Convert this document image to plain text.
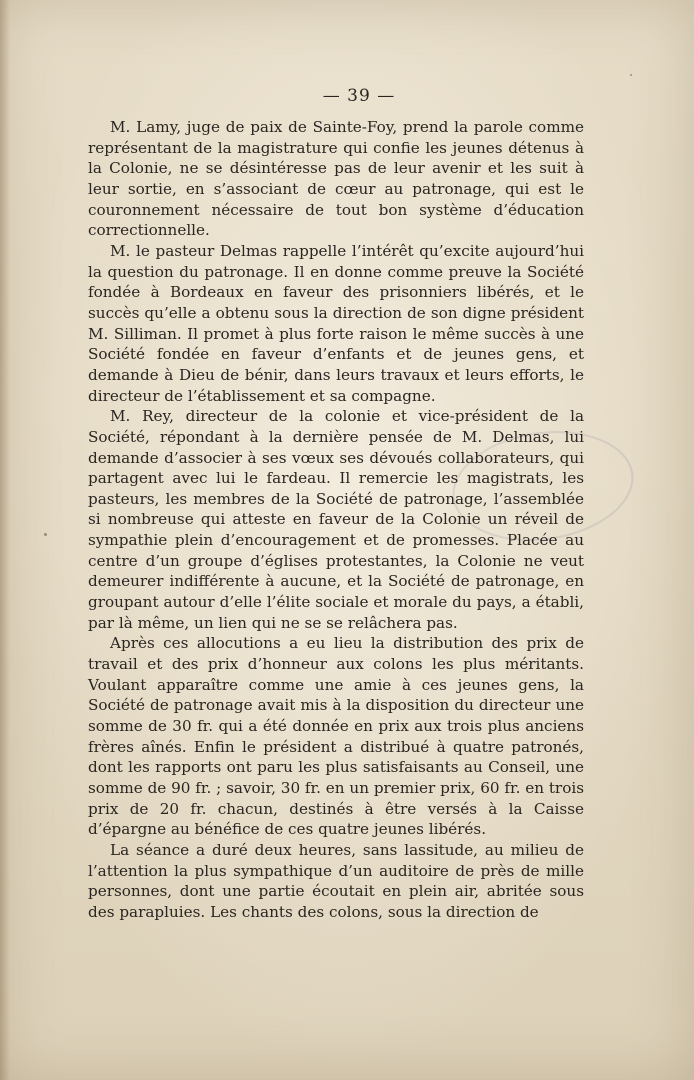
— 39 —

M. Lamy, juge de paix de Sainte-Foy, prend la parole comme représentant de la magistrature qui confie les jeunes détenus à la Colonie, ne se désintéresse pas de leur avenir et les suit à leur sortie, en s’associant de cœur au patronage, qui est le couronnement nécessaire de tout bon système d’éducation correctionnelle.

M. le pasteur Delmas rappelle l’intérêt qu’excite aujourd’hui la question du patronage. Il en donne comme preuve la Société fondée à Bordeaux en faveur des prisonniers libérés, et le succès qu’elle a obtenu sous la direction de son digne président M. Silliman. Il promet à plus forte raison le même succès à une Société fondée en faveur d’enfants et de jeunes gens, et demande à Dieu de bénir, dans leurs travaux et leurs efforts, le directeur de l’établissement et sa compagne.

M. Rey, directeur de la colonie et vice-président de la Société, répondant à la dernière pensée de M. Delmas, lui demande d’associer à ses vœux ses dévoués collaborateurs, qui partagent avec lui le fardeau. Il remercie les magistrats, les pasteurs, les membres de la Société de patronage, l’assemblée si nombreuse qui atteste en faveur de la Colonie un réveil de sympathie plein d’encouragement et de promesses. Placée au centre d’un groupe d’églises protestantes, la Colonie ne veut demeurer indifférente à aucune, et la Société de patronage, en groupant autour d’elle l’élite sociale et morale du pays, a établi, par là même, un lien qui ne se se relâchera pas.

Après ces allocutions a eu lieu la distribution des prix de travail et des prix d’honneur aux colons les plus méritants. Voulant apparaître comme une amie à ces jeunes gens, la Société de patronage avait mis à la disposition du directeur une somme de 30 fr. qui a été donnée en prix aux trois plus anciens frères aînés. Enfin le président a distribué à quatre patronés, dont les rapports ont paru les plus satisfaisants au Conseil, une somme de 90 fr. ; savoir, 30 fr. en un premier prix, 60 fr. en trois prix de 20 fr. chacun, destinés à être versés à la Caisse d’épargne au bénéfice de ces quatre jeunes libérés.

La séance a duré deux heures, sans lassitude, au milieu de l’attention la plus sympathique d’un auditoire de près de mille personnes, dont une partie écoutait en plein air, abritée sous des parapluies. Les chants des colons, sous la direction de
